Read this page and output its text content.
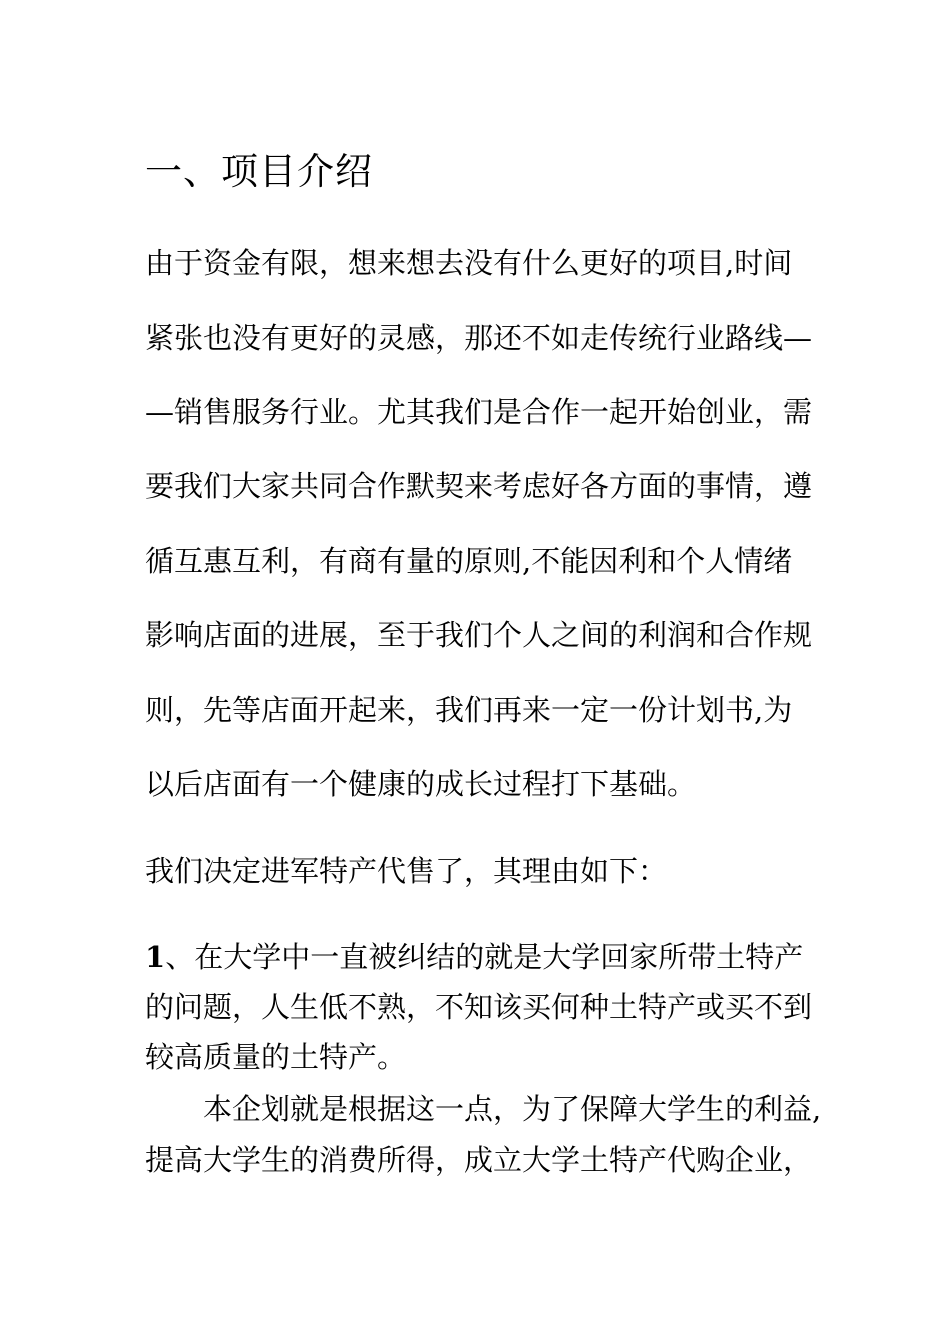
一、项目介绍
由于资金有限，想来想去没有什么更好的项目,时间
紧张也没有更好的灵感，那还不如走传统行业路线—
—销售服务行业。尤其我们是合作一起开始创业，需
要我们大家共同合作默契来考虑好各方面的事情，遵
循互惠互利，有商有量的原则,不能因利和个人情绪
影响店面的进展，至于我们个人之间的利润和合作规
则，先等店面开起来，我们再来一定一份计划书,为
以后店面有一个健康的成长过程打下基础。
我们决定进军特产代售了，其理由如下：
1、在大学中一直被纠结的就是大学回家所带土特产
的问题，人生低不熟，不知该买何种土特产或买不到
较高质量的土特产。
本企划就是根据这一点，为了保障大学生的利益,
提高大学生的消费所得，成立大学土特产代购企业，
